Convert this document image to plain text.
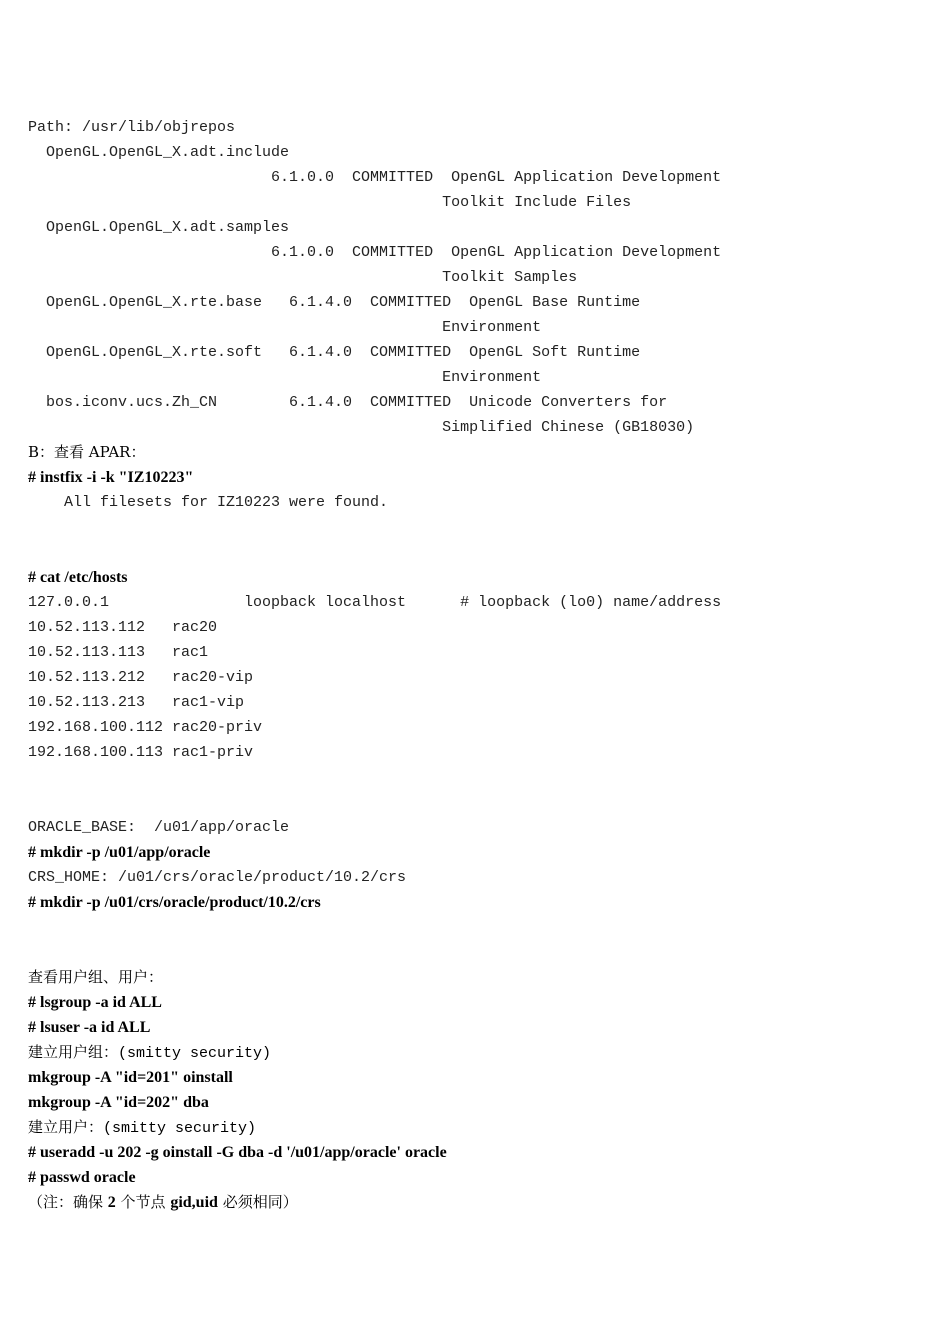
Path: /usr/lib/objrepos
OpenGL.OpenGL_X.adt.include
6.1.0.0  COMMITTED  OpenGL Application Development
Toolkit Include Files
OpenGL.OpenGL_X.adt.samples
6.1.0.0  COMMITTED  OpenGL Application Development
Toolkit Samples
OpenGL.OpenGL_X.rte.base   6.1.4.0  COMMITTED  OpenGL Base Runtime
Environment
OpenGL.OpenGL_X.rte.soft   6.1.4.0  COMMITTED  OpenGL Soft Runtime
Environment
bos.iconv.ucs.Zh_CN        6.1.4.0  COMMITTED  Unicode Converters for
Simplified Chinese (GB18030)
B：查看 APAR：
# instfix -i -k "IZ10223"
All filesets for IZ10223 were found.

# cat /etc/hosts
127.0.0.1               loopback localhost      # loopback (lo0) name/address
10.52.113.112   rac20
10.52.113.113   rac1
10.52.113.212   rac20-vip
10.52.113.213   rac1-vip
192.168.100.112 rac20-priv
192.168.100.113 rac1-priv

ORACLE_BASE:  /u01/app/oracle
# mkdir -p /u01/app/oracle
CRS_HOME: /u01/crs/oracle/product/10.2/crs
# mkdir -p /u01/crs/oracle/product/10.2/crs

查看用户组、用户：
# lsgroup -a id ALL
# lsuser -a id ALL
建立用户组：(smitty security)
mkgroup -A "id=201" oinstall
mkgroup -A "id=202" dba
建立用户：(smitty security)
# useradd -u 202 -g oinstall -G dba -d '/u01/app/oracle' oracle
# passwd oracle
（注：确保 2 个节点 gid,uid 必须相同）
